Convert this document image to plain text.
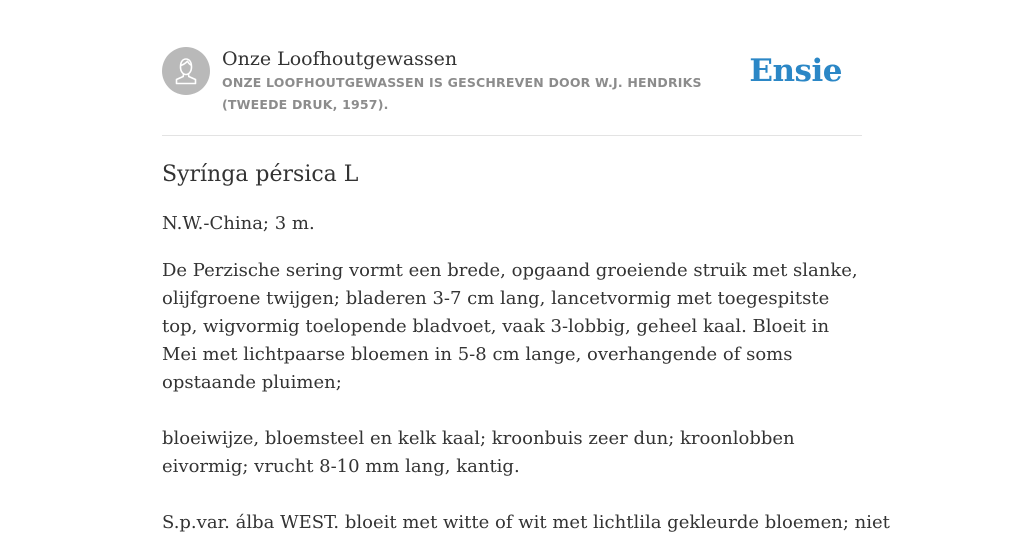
Onze Loofhoutgewassen
ONZE LOOFHOUTGEWASSEN IS GESCHREVEN DOOR W.J. HENDRIKS (TWEEDE DRUK, 1957).
Ensie
Syrínga pérsica L

N.W.-China; 3 m.

De Perzische sering vormt een brede, opgaand groeiende struik met slanke, olijfgroene twijgen; bladeren 3-7 cm lang, lancetvormig met toegespitste top, wigvormig toelopende bladvoet, vaak 3-lobbig, geheel kaal. Bloeit in Mei met lichtpaarse bloemen in 5-8 cm lange, overhangende of soms opstaande pluimen;

bloeiwijze, bloemsteel en kelk kaal; kroonbuis zeer dun; kroonlobben eivormig; vrucht 8-10 mm lang, kantig.

S.p.var. álba WEST. bloeit met witte of wit met lichtlila gekleurde bloemen; niet
